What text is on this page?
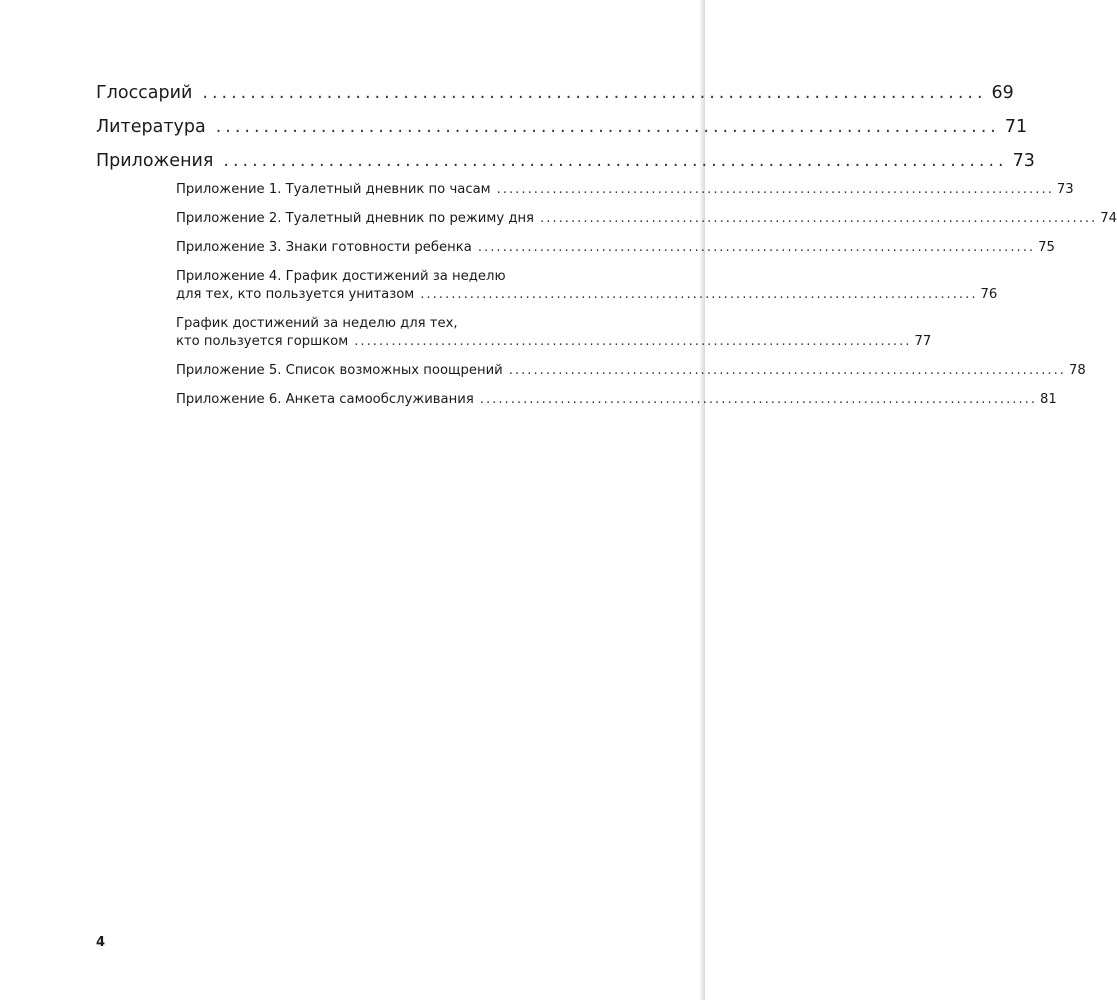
Глоссарий .................................................................................. 69
Литература .................................................................................. 71
Приложения .................................................................................. 73
Приложение 1. Туалетный дневник по часам .......................................................................................... 73
Приложение 2. Туалетный дневник по режиму дня .......................................................................................... 74
Приложение 3. Знаки готовности ребенка .......................................................................................... 75
Приложение 4. График достижений за неделю
для тех, кто пользуется унитазом .......................................................................................... 76
График достижений за неделю для тех,
кто пользуется горшком .......................................................................................... 77
Приложение 5. Список возможных поощрений .......................................................................................... 78
Приложение 6. Анкета самообслуживания .......................................................................................... 81
4
